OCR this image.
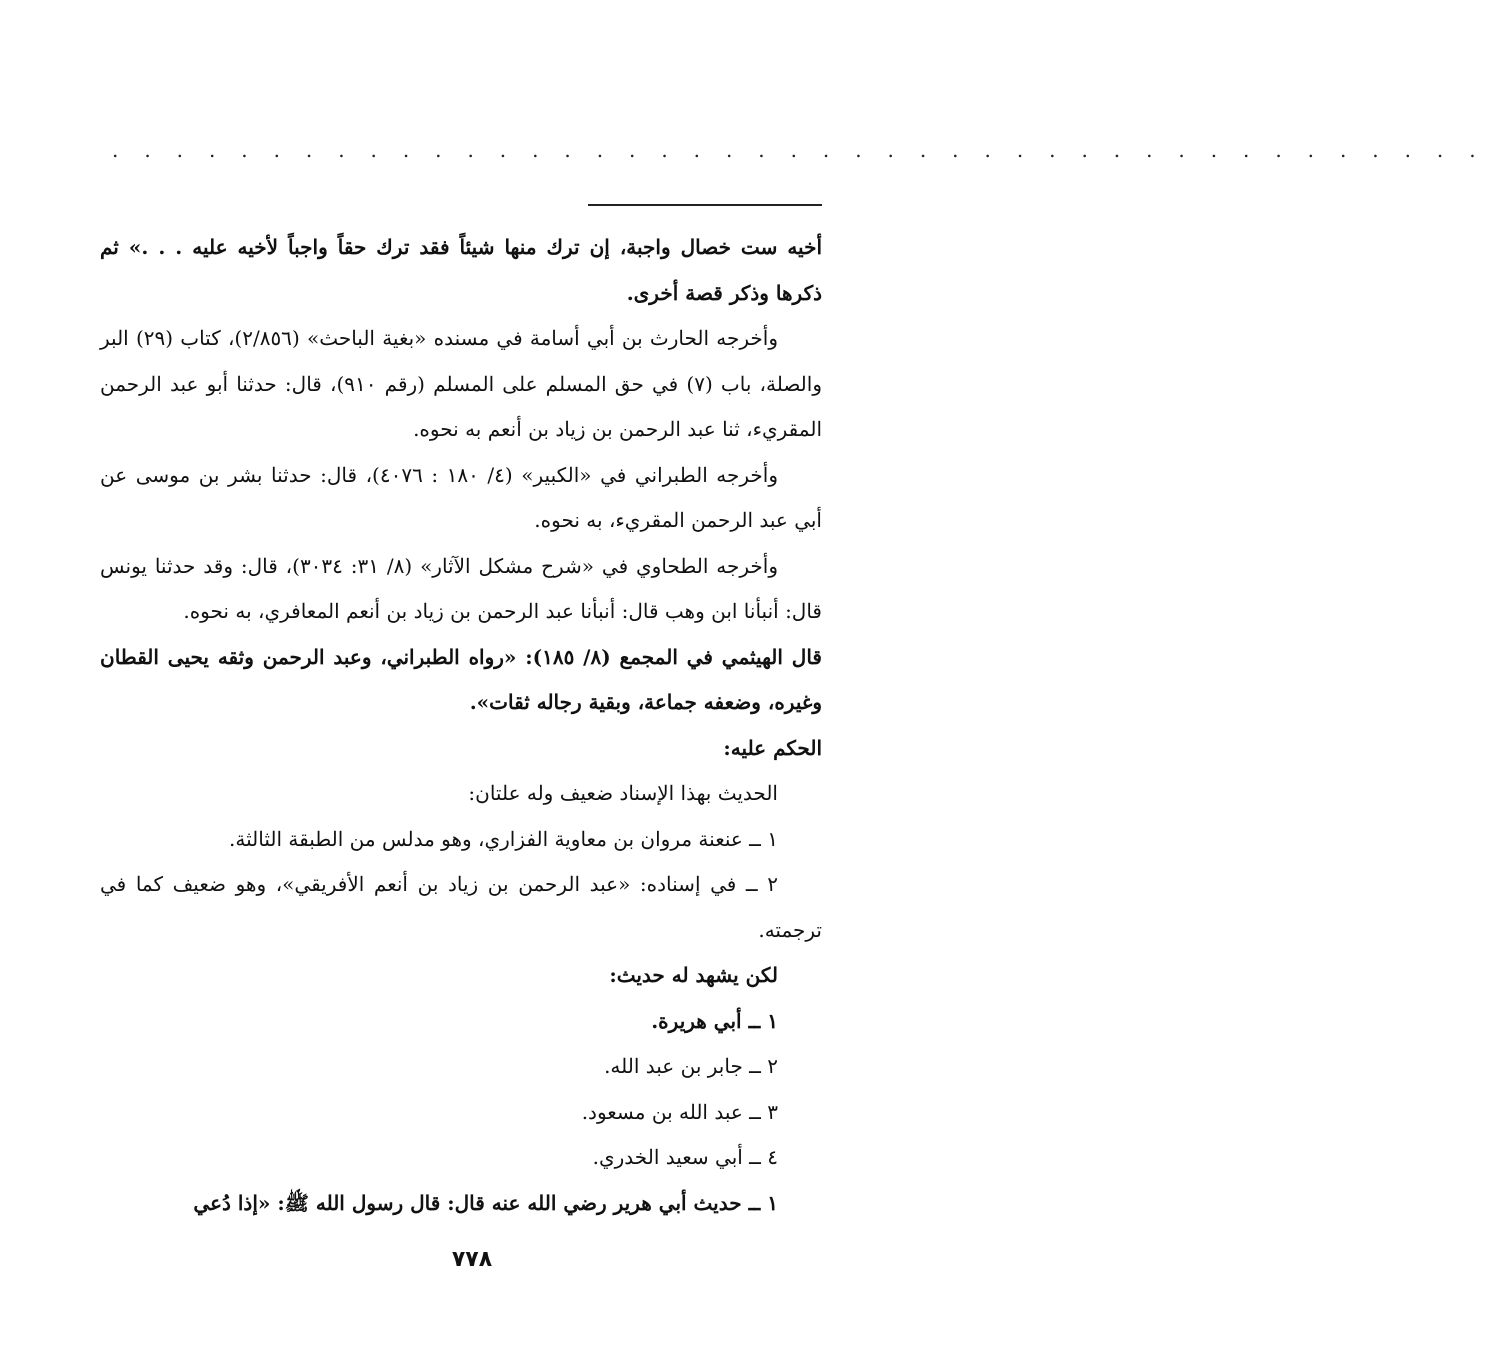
. . . . . . . . . . . . . . . . . . . . . . . . . . . . . . . . . . . . . . . . . . .

أخيه ست خصال واجبة، إن ترك منها شيئاً فقد ترك حقاً واجباً لأخيه عليه . . .» ثم ذكرها وذكر قصة أخرى.

وأخرجه الحارث بن أبي أسامة في مسنده «بغية الباحث» (٢/٨٥٦)، كتاب (٢٩) البر والصلة، باب (٧) في حق المسلم على المسلم (رقم ٩١٠)، قال: حدثنا أبو عبد الرحمن المقريء، ثنا عبد الرحمن بن زياد بن أنعم به نحوه.

وأخرجه الطبراني في «الكبير» (٤/ ١٨٠ : ٤٠٧٦)، قال: حدثنا بشر بن موسى عن أبي عبد الرحمن المقريء، به نحوه.

وأخرجه الطحاوي في «شرح مشكل الآثار» (٨/ ٣١: ٣٠٣٤)، قال: وقد حدثنا يونس قال: أنبأنا ابن وهب قال: أنبأنا عبد الرحمن بن زياد بن أنعم المعافري، به نحوه.

قال الهيثمي في المجمع (٨/ ١٨٥): «رواه الطبراني، وعبد الرحمن وثقه يحيى القطان وغيره، وضعفه جماعة، وبقية رجاله ثقات».

الحكم عليه:

الحديث بهذا الإسناد ضعيف وله علتان:

١ ــ عنعنة مروان بن معاوية الفزاري، وهو مدلس من الطبقة الثالثة.

٢ ــ في إسناده: «عبد الرحمن بن زياد بن أنعم الأفريقي»، وهو ضعيف كما في ترجمته.

لكن يشهد له حديث:

١ ــ أبي هريرة.

٢ ــ جابر بن عبد الله.

٣ ــ عبد الله بن مسعود.

٤ ــ أبي سعيد الخدري.

١ ــ حديث أبي هرير رضي الله عنه قال: قال رسول الله ﷺ: «إذا دُعي

٧٧٨
